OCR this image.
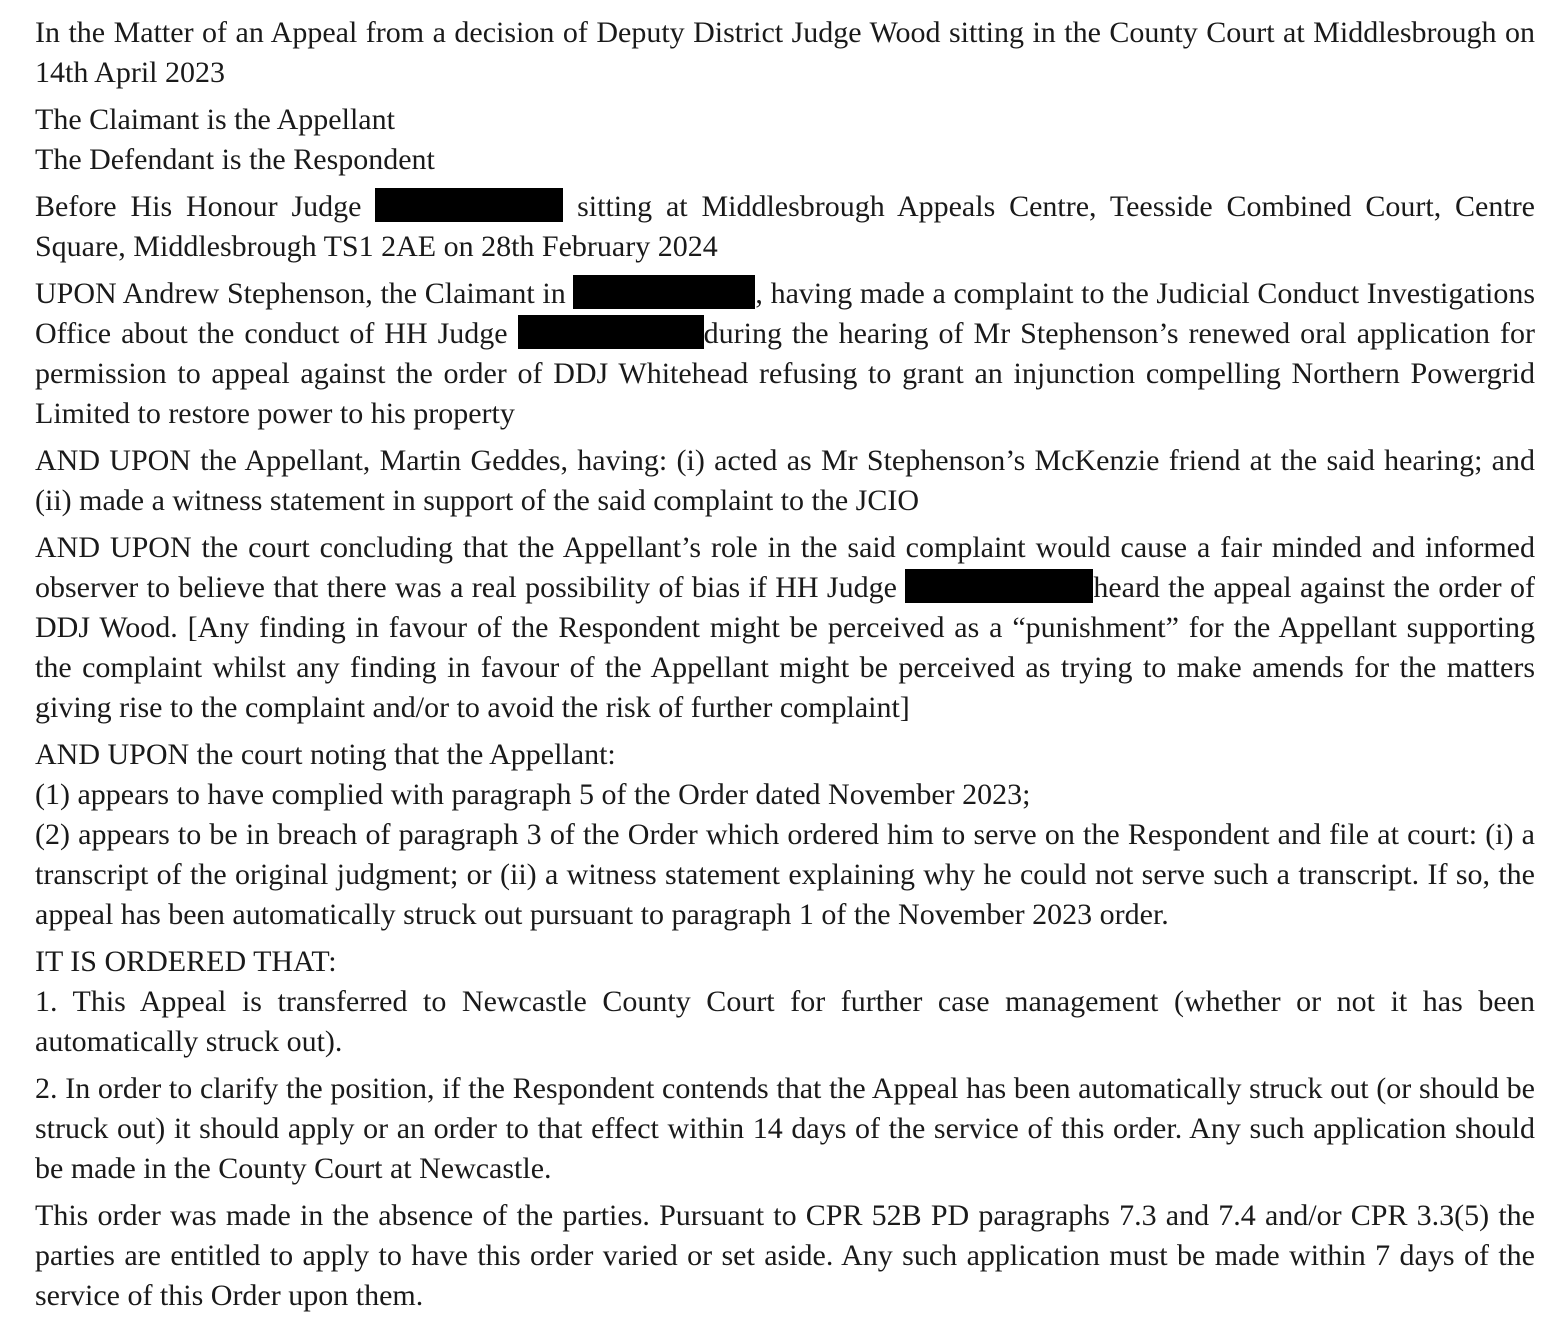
In the Matter of an Appeal from a decision of Deputy District Judge Wood sitting in the County Court at Middlesbrough on 14th April 2023

The Claimant is the Appellant

The Defendant is the Respondent

Before His Honour Judge	sitting at Middlesbrough Appeals Centre, Teesside Combined Court, Centre Square, Middlesbrough TS1 2AE on 28th February 2024

UPON Andrew Stephenson, the Claimant in	, having made a complaint to the Judicial Conduct Investigations Office about the conduct of HH Judge	during the hearing of Mr Stephenson’s renewed oral application for permission to appeal against the order of DDJ Whitehead refusing to grant an injunction compelling Northern Powergrid Limited to restore power to his property

AND UPON the Appellant, Martin Geddes, having: (i) acted as Mr Stephenson’s McKenzie friend at the said hearing; and (ii) made a witness statement in support of the said complaint to the JCIO

AND UPON the court concluding that the Appellant’s role in the said complaint would cause a fair minded and informed observer to believe that there was a real possibility of bias if HH Judge	heard the appeal against the order of DDJ Wood. [Any finding in favour of the Respondent might be perceived as a “punishment” for the Appellant supporting the complaint whilst any finding in favour of the Appellant might be perceived as trying to make amends for the matters giving rise to the complaint and/or to avoid the risk of further complaint]

AND UPON the court noting that the Appellant:
(1) appears to have complied with paragraph 5 of the Order dated November 2023;
(2) appears to be in breach of paragraph 3 of the Order which ordered him to serve on the Respondent and file at court: (i) a transcript of the original judgment; or (ii) a witness statement explaining why he could not serve such a transcript. If so, the appeal has been automatically struck out pursuant to paragraph 1 of the November 2023 order.

IT IS ORDERED THAT:

1. This Appeal is transferred to Newcastle County Court for further case management (whether or not it has been automatically struck out).

2. In order to clarify the position, if the Respondent contends that the Appeal has been automatically struck out (or should be struck out) it should apply or an order to that effect within 14 days of the service of this order. Any such application should be made in the County Court at Newcastle.

This order was made in the absence of the parties. Pursuant to CPR 52B PD paragraphs 7.3 and 7.4 and/or CPR 3.3(5) the parties are entitled to apply to have this order varied or set aside. Any such application must be made within 7 days of the service of this Order upon them.
